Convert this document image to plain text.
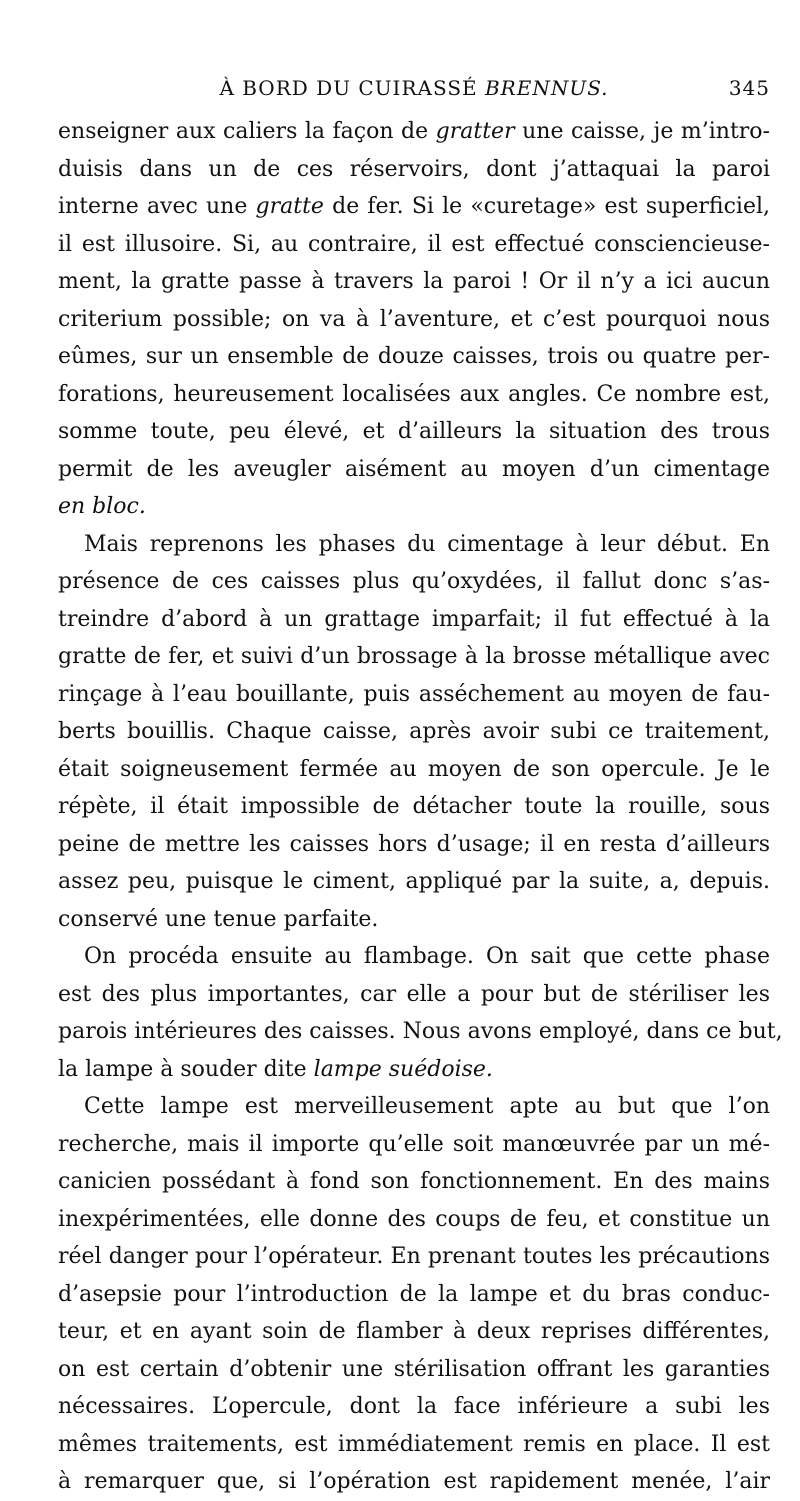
À BORD DU CUIRASSÉ BRENNUS.	345
enseigner aux caliers la façon de gratter une caisse, je m’intro-
duisis dans un de ces réservoirs, dont j’attaquai la paroi
interne avec une gratte de fer. Si le «curetage» est superficiel,
il est illusoire. Si, au contraire, il est effectué consciencieuse-
ment, la gratte passe à travers la paroi ! Or il n’y a ici aucun
criterium possible; on va à l’aventure, et c’est pourquoi nous
eûmes, sur un ensemble de douze caisses, trois ou quatre per-
forations, heureusement localisées aux angles. Ce nombre est,
somme toute, peu élevé, et d’ailleurs la situation des trous
permit de les aveugler aisément au moyen d’un cimentage
en bloc.
Mais reprenons les phases du cimentage à leur début. En
présence de ces caisses plus qu’oxydées, il fallut donc s’as-
treindre d’abord à un grattage imparfait; il fut effectué à la
gratte de fer, et suivi d’un brossage à la brosse métallique avec
rinçage à l’eau bouillante, puis asséchement au moyen de fau-
berts bouillis. Chaque caisse, après avoir subi ce traitement,
était soigneusement fermée au moyen de son opercule. Je le
répète, il était impossible de détacher toute la rouille, sous
peine de mettre les caisses hors d’usage; il en resta d’ailleurs
assez peu, puisque le ciment, appliqué par la suite, a, depuis.
conservé une tenue parfaite.
On procéda ensuite au flambage. On sait que cette phase
est des plus importantes, car elle a pour but de stériliser les
parois intérieures des caisses. Nous avons employé, dans ce but,
la lampe à souder dite lampe suédoise.
Cette lampe est merveilleusement apte au but que l’on
recherche, mais il importe qu’elle soit manœuvrée par un mé-
canicien possédant à fond son fonctionnement. En des mains
inexpérimentées, elle donne des coups de feu, et constitue un
réel danger pour l’opérateur. En prenant toutes les précautions
d’asepsie pour l’introduction de la lampe et du bras conduc-
teur, et en ayant soin de flamber à deux reprises différentes,
on est certain d’obtenir une stérilisation offrant les garanties
nécessaires. L’opercule, dont la face inférieure a subi les
mêmes traitements, est immédiatement remis en place. Il est
à remarquer que, si l’opération est rapidement menée, l’air
